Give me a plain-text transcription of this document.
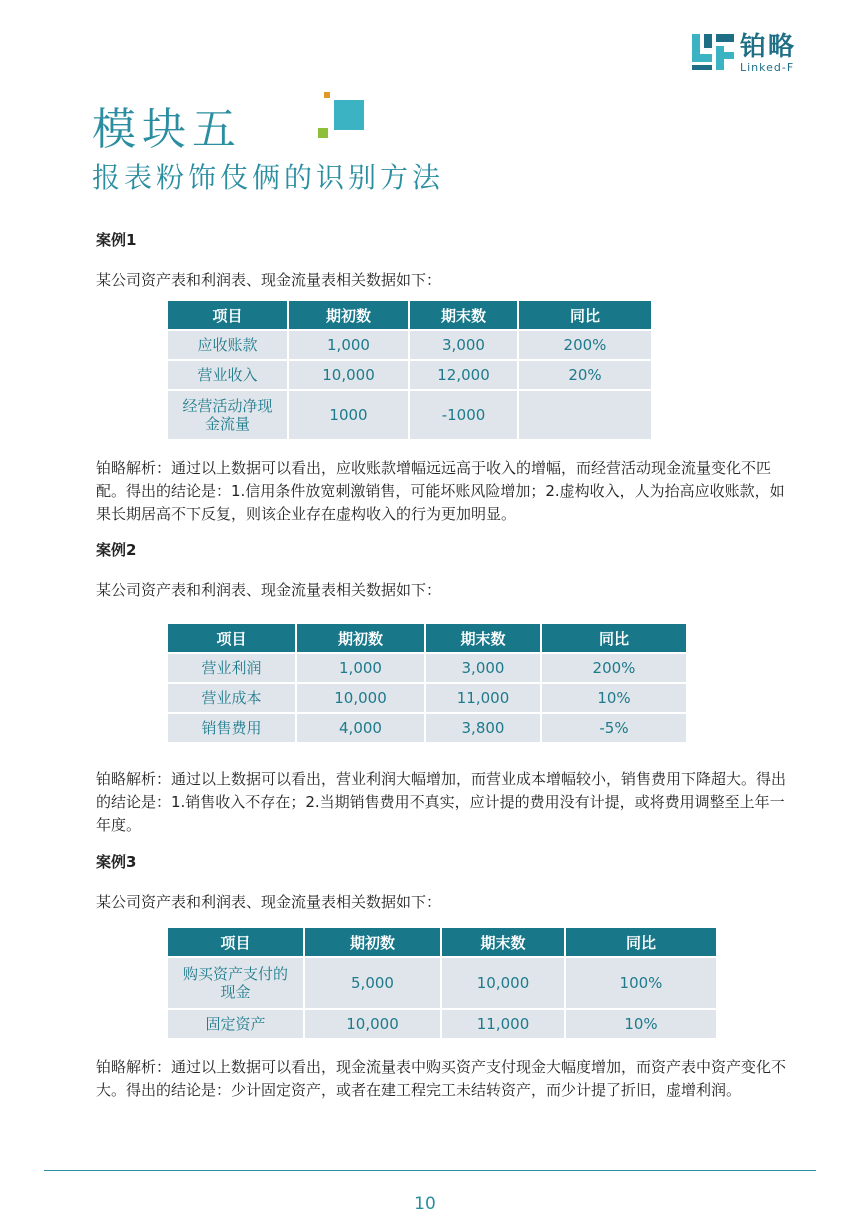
铂略
Linked-F
模块五
报表粉饰伎俩的识别方法
案例1
某公司资产表和利润表、现金流量表相关数据如下：
项目	期初数	期末数	同比
应收账款	1,000	3,000	200%
营业收入	10,000	12,000	20%
经营活动净现金流量	1000	-1000	
铂略解析：通过以上数据可以看出，应收账款增幅远远高于收入的增幅，而经营活动现金流量变化不匹配。得出的结论是：1.信用条件放宽刺激销售，可能坏账风险增加；2.虚构收入，人为抬高应收账款，如果长期居高不下反复，则该企业存在虚构收入的行为更加明显。
案例2
某公司资产表和利润表、现金流量表相关数据如下：
项目	期初数	期末数	同比
营业利润	1,000	3,000	200%
营业成本	10,000	11,000	10%
销售费用	4,000	3,800	-5%
铂略解析：通过以上数据可以看出，营业利润大幅增加，而营业成本增幅较小，销售费用下降超大。得出的结论是：1.销售收入不存在；2.当期销售费用不真实，应计提的费用没有计提，或将费用调整至上年一年度。
案例3
某公司资产表和利润表、现金流量表相关数据如下：
项目	期初数	期末数	同比
购买资产支付的现金	5,000	10,000	100%
固定资产	10,000	11,000	10%
铂略解析：通过以上数据可以看出，现金流量表中购买资产支付现金大幅度增加，而资产表中资产变化不大。得出的结论是：少计固定资产，或者在建工程完工未结转资产，而少计提了折旧，虚增利润。
10
